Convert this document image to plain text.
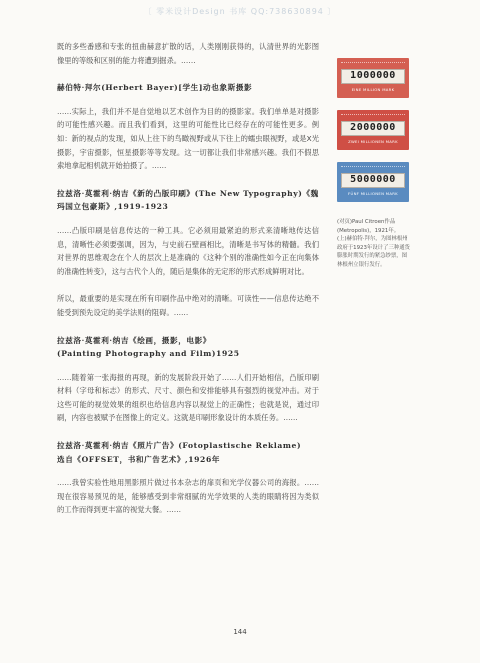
〔 零米设计Design 书库 QQ:738630894 〕

既的多些番感和专张的扭曲赫意扩散的话，人类刚刚获得的，认清世界的光影图像里的等级和区别的能力将遭到掘杀。……

赫伯特·拜尔(Herbert Bayer)[学生]动也象斯摄影

……实际上，我们并不是自觉地以艺术创作为目的的摄影家。我们单单是对摄影的可能性感兴趣。而且我们看到，这里的可能性比已经存在的可能性更多。例如：新的视点的发现，如从上往下的鸟瞰视野或从下往上的蠕虫眼视野，或是X光摄影，宇宙摄影，恒星摄影等等发现。这一切都让我们非常感兴趣。我们不假思索地拿起相机就开始拍摄了。……

拉兹洛·莫霍利·纳吉《新的凸版印刷》(The New Typography)《魏玛国立包豪斯》,1919-1923

……凸版印刷是信息传达的一种工具。它必须用最紧迫的形式来清晰地传达信息，清晰性必须要强调，因为，与史前石壁画相比，清晰是书写体的精髓。我们对世界的思维观念在个人的层次上是准确的《这种个别的准确性如今正在向集体的准确性转变》，这与古代个人的，随后是集体的无定形的形式形成鲜明对比。

所以，最重要的是实现在所有印刷作品中绝对的清晰。可读性——信息传达绝不能受到预先设定的美学法则的阻碍。……

拉兹洛·莫霍利·纳吉《绘画，摄影，电影》

(Painting Photography and Film)1925

……随着第一张海报的再现，新的发展阶段开始了……人们开始相信，凸版印刷材料（字母和标志）的形式、尺寸、颜色和安排能够具有强烈的视觉冲击。对于这些可能的视觉效果的组织也给信息内容以视觉上的正确性；也就是说，通过印刷，内容也被赋予在图像上的定义。这就是印刷形象设计的本质任务。……

拉兹洛·莫霍利·纳吉《照片广告》(Fotoplastische Reklame)

选自《OFFSET，书和广告艺术》,1926年

……我曾实验性地用黑影照片做过书本杂志的扉页和光学仪器公司的海报。……现在很容易预见的是，能够感受到非常细腻的光学效果的人类的眼睛将因为类似的工作而得到更丰富的视觉大餐。……

1000000
EINE MILLION MARK
2000000
ZWEI MILLIONEN MARK
5000000
FÜNF MILLIONEN MARK

(对页)Paul Citroen作品

(Metropolis)，1921年。

(上)赫伯特·拜尔，为图林根州政府于1923年设计了三种通货膨胀时期发行的紧急纱票，图林根州立银行发行。

144
